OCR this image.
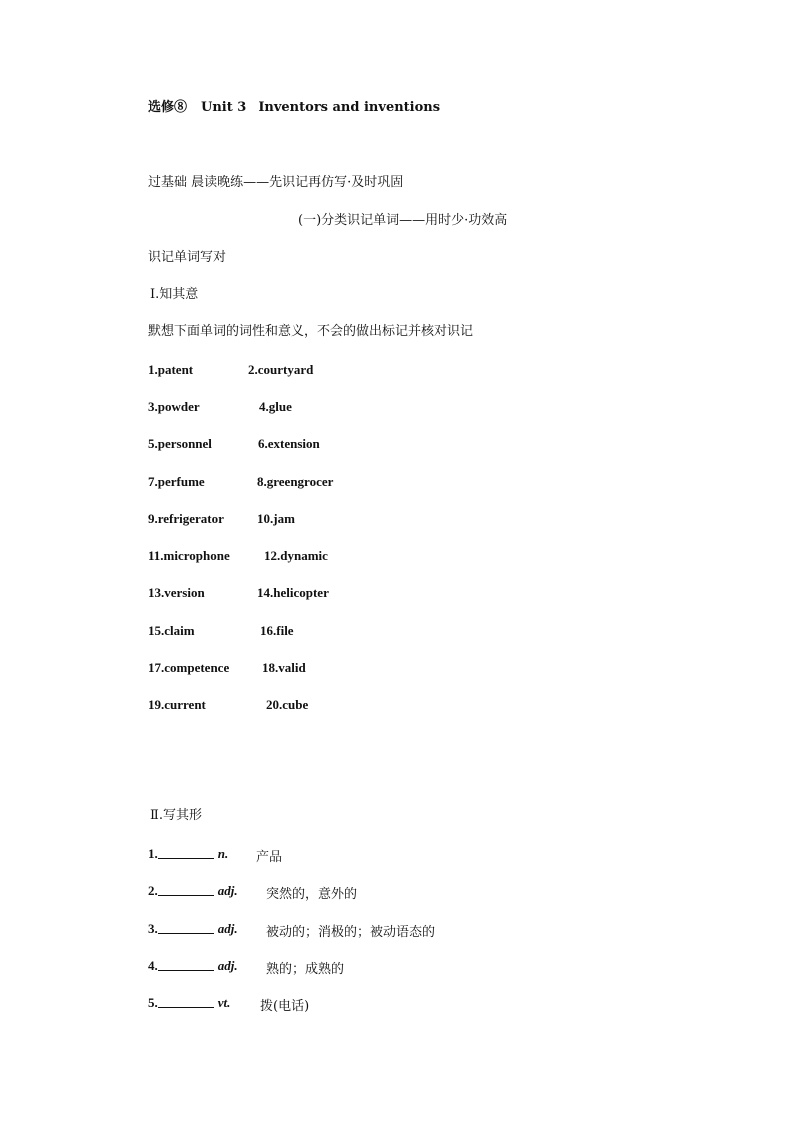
选修⑧ Unit 3 Inventors and inventions
过基础 晨读晚练——先识记再仿写·及时巩固
(一)分类识记单词——用时少·功效高
识记单词写对
Ⅰ.知其意
默想下面单词的词性和意义，不会的做出标记并核对识记
1.patent	2.courtyard
3.powder	4.glue
5.personnel	6.extension
7.perfume	8.greengrocer
9.refrigerator	10.jam
11.microphone	12.dynamic
13.version	14.helicopter
15.claim	16.file
17.competence	18.valid
19.current	20.cube
Ⅱ.写其形
1.	n. 产品
2.	adj. 突然的，意外的
3.	adj. 被动的；消极的；被动语态的
4.	adj. 熟的；成熟的
5.	vt. 拨(电话)
